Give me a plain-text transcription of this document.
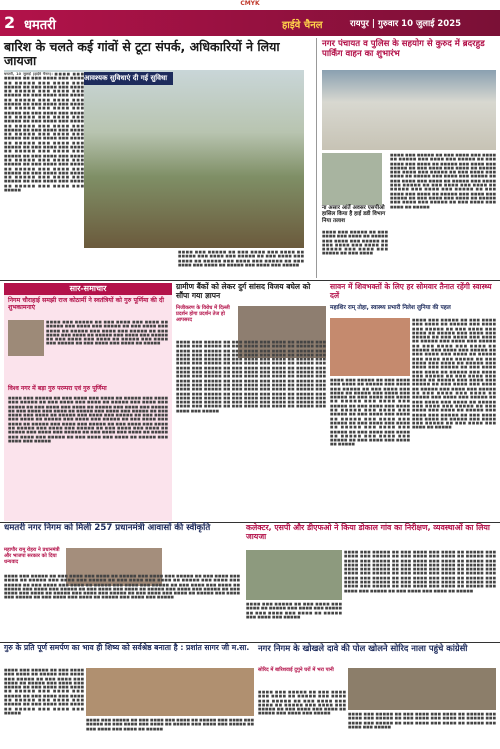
CMYK
2 धमतरी	हाईवे चैनल	रायपुर | गुरुवार 10 जुलाई 2025
बारिश के चलते कई गांवों से टूटा संपर्क, अधिकारियों ने लिया जायजा
आवश्यक सुविधाएं दी गई सुविधा
धमतरी, 10 जुलाई (हाईवे चैनल)। ■■■■ ■■■ ■■■■■ ■■ ■■■ ■■■■ ■■■ ■■■■ ■■ ■■■■■ ■■■ ■■■■ ■■■ ■■■■■ ■■ ■■■ ■■■■ ■■■ ■■■■ ■■ ■■■■■ ■■■ ■■■■ ■■■ ■■■■■ ■■ ■■■ ■■■■ ■■■ ■■■■ ■■ ■■■■■ ■■■ ■■■■ ■■■ ■■■■■ ■■ ■■■ ■■■■ ■■■ ■■■■ ■■ ■■■■■ ■■■ ■■■■ ■■■ ■■■■■ ■■ ■■■ ■■■■ ■■■ ■■■■ ■■ ■■■■■ ■■■ ■■■■ ■■■ ■■■■■ ■■ ■■■ ■■■■ ■■■ ■■■■ ■■ ■■■■■ ■■■ ■■■■ ■■■ ■■■■■ ■■ ■■■ ■■■■ ■■■ ■■■■ ■■ ■■■■■ ■■■ ■■■■ ■■■ ■■■■■ ■■ ■■■ ■■■■ ■■■ ■■■■ ■■ ■■■■■ ■■■ ■■■■ ■■■ ■■■■■ ■■ ■■■ ■■■■ ■■■ ■■■■ ■■ ■■■■■ ■■■ ■■■■ ■■■ ■■■■■ ■■ ■■■ ■■■■ ■■■ ■■■■ ■■ ■■■■■ ■■■ ■■■■ ■■■ ■■■■■ ■■ ■■■ ■■■■ ■■■ ■■■■ ■■ ■■■■■ ■■■ ■■■■ ■■■ ■■■■■ ■■ ■■■ ■■■■ ■■■ ■■■■ ■■ ■■■■■ ■■■ ■■■■ ■■■ ■■■■■ ■■ ■■■ ■■■■ ■■■ ■■■■ ■■ ■■■■■ ■■■ ■■■■ ■■■ ■■■■■
■■■■ ■■■ ■■■■■ ■■ ■■■ ■■■■ ■■■ ■■■■ ■■ ■■■■■ ■■■ ■■■■ ■■■ ■■■■■ ■■ ■■■ ■■■■ ■■■ ■■■■ ■■ ■■■■■ ■■■ ■■■■ ■■■ ■■■■■ ■■ ■■■ ■■■■ ■■■ ■■■■ ■■ ■■■■■ ■■■ ■■■■ ■■■ ■■■■■
नगर पंचायत व पुलिस के सहयोग से कुरुद में ब्रदरहुड पार्किंग वाहन का शुभारंभ
ना असार आंतें अवसर एसपीओ हासिल किया है हाई डडी विभाग निया तलाश
■■■■ ■■■ ■■■■■ ■■ ■■■ ■■■■ ■■■ ■■■■ ■■ ■■■■■ ■■■ ■■■■ ■■■ ■■■■■ ■■ ■■■ ■■■■ ■■■ ■■■■ ■■ ■■■■■ ■■■ ■■■■ ■■■ ■■■■■ ■■ ■■■ ■■■■ ■■■ ■■■■ ■■ ■■■■■ ■■■ ■■■■ ■■■ ■■■■■ ■■ ■■■ ■■■■ ■■■ ■■■■ ■■ ■■■■■ ■■■ ■■■■ ■■■ ■■■■■ ■■ ■■■ ■■■■ ■■■ ■■■■ ■■ ■■■■■ ■■■ ■■■■ ■■■ ■■■■■ ■■ ■■■ ■■■■ ■■■ ■■■■ ■■ ■■■■■ ■■■ ■■■■ ■■■ ■■■■■ ■■ ■■■ ■■■■ ■■■ ■■■■ ■■ ■■■■■ ■■■ ■■■■ ■■■ ■■■■■ ■■ ■■■ ■■■■ ■■■ ■■■■ ■■ ■■■■■ ■■■ ■■■■ ■■■ ■■■■■ ■■ ■■■ ■■■■ ■■■ ■■■■ ■■ ■■■■■
■■■■ ■■■ ■■■■■ ■■ ■■■ ■■■■ ■■■ ■■■■ ■■ ■■■■■ ■■■ ■■■■ ■■■ ■■■■■ ■■ ■■■ ■■■■ ■■■ ■■■■ ■■ ■■■■■ ■■■ ■■■■ ■■■ ■■■■■ ■■ ■■■ ■■■■
सार-समाचार
निगम चौराहाई समझी राज कोठार्मी ने स्वतंत्रियों को गुरु पूर्णिमा की दी शुभकामनाएं
■■■■ ■■■ ■■■■■ ■■ ■■■ ■■■■ ■■■ ■■■■ ■■ ■■■■■ ■■■ ■■■■ ■■■ ■■■■■ ■■ ■■■ ■■■■ ■■■ ■■■■ ■■ ■■■■■ ■■■ ■■■■ ■■■ ■■■■■ ■■ ■■■ ■■■■ ■■■ ■■■■ ■■ ■■■■■ ■■■ ■■■■ ■■■ ■■■■■ ■■ ■■■ ■■■■ ■■■ ■■■■ ■■ ■■■■■ ■■■ ■■■■ ■■■ ■■■■■ ■■ ■■■ ■■■■ ■■■ ■■■■ ■■ ■■■■■
विश्व नगर में बड़ा गुरु परम्परा एवं गुरु पूर्णिमा
■■■■ ■■■ ■■■■■ ■■ ■■■ ■■■■ ■■■ ■■■■ ■■ ■■■■■ ■■■ ■■■■ ■■■ ■■■■■ ■■ ■■■ ■■■■ ■■■ ■■■■ ■■ ■■■■■ ■■■ ■■■■ ■■■ ■■■■■ ■■ ■■■ ■■■■ ■■■ ■■■■ ■■ ■■■■■ ■■■ ■■■■ ■■■ ■■■■■ ■■ ■■■ ■■■■ ■■■ ■■■■ ■■ ■■■■■ ■■■ ■■■■ ■■■ ■■■■■ ■■ ■■■ ■■■■ ■■■ ■■■■ ■■ ■■■■■ ■■■ ■■■■ ■■■ ■■■■■ ■■ ■■■ ■■■■ ■■■ ■■■■ ■■ ■■■■■ ■■■ ■■■■ ■■■ ■■■■■ ■■ ■■■ ■■■■ ■■■ ■■■■ ■■ ■■■■■ ■■■ ■■■■ ■■■ ■■■■■ ■■ ■■■ ■■■■ ■■■ ■■■■ ■■ ■■■■■ ■■■ ■■■■ ■■■ ■■■■■ ■■ ■■■ ■■■■ ■■■ ■■■■ ■■ ■■■■■ ■■■ ■■■■ ■■■ ■■■■■ ■■ ■■■ ■■■■ ■■■ ■■■■ ■■ ■■■■■ ■■■ ■■■■ ■■■ ■■■■■ ■■ ■■■ ■■■■ ■■■ ■■■■ ■■ ■■■■■ ■■■ ■■■■ ■■■ ■■■■■
ग्रामीण बैंकों को लेकर दुर्ग सांसद विजय बघेल को सौंपा गया ज्ञापन
निजीकरण के विरोध में दिल्ली प्रदर्शन होगा प्रदर्शन तेज हो आपसरद
■■■■ ■■■ ■■■■■ ■■ ■■■ ■■■■ ■■■ ■■■■ ■■ ■■■■■ ■■■ ■■■■ ■■■ ■■■■■ ■■ ■■■ ■■■■ ■■■ ■■■■ ■■ ■■■■■ ■■■ ■■■■ ■■■ ■■■■■ ■■ ■■■ ■■■■ ■■■ ■■■■ ■■ ■■■■■ ■■■ ■■■■ ■■■ ■■■■■ ■■ ■■■ ■■■■ ■■■ ■■■■ ■■ ■■■■■ ■■■ ■■■■ ■■■ ■■■■■ ■■ ■■■ ■■■■ ■■■ ■■■■ ■■ ■■■■■ ■■■ ■■■■ ■■■ ■■■■■ ■■ ■■■ ■■■■ ■■■ ■■■■ ■■ ■■■■■ ■■■ ■■■■ ■■■ ■■■■■ ■■ ■■■ ■■■■ ■■■ ■■■■ ■■ ■■■■■ ■■■ ■■■■ ■■■ ■■■■■ ■■ ■■■ ■■■■ ■■■ ■■■■ ■■ ■■■■■ ■■■ ■■■■ ■■■ ■■■■■ ■■ ■■■ ■■■■ ■■■ ■■■■ ■■ ■■■■■ ■■■ ■■■■ ■■■ ■■■■■ ■■ ■■■ ■■■■ ■■■ ■■■■ ■■ ■■■■■ ■■■ ■■■■ ■■■ ■■■■■ ■■ ■■■ ■■■■ ■■■ ■■■■ ■■ ■■■■■ ■■■ ■■■■ ■■■ ■■■■■ ■■ ■■■ ■■■■ ■■■ ■■■■ ■■ ■■■■■ ■■■ ■■■■ ■■■ ■■■■■ ■■ ■■■ ■■■■ ■■■ ■■■■ ■■ ■■■■■ ■■■ ■■■■ ■■■ ■■■■■ ■■ ■■■ ■■■■ ■■■ ■■■■ ■■ ■■■■■ ■■■ ■■■■ ■■■ ■■■■■ ■■ ■■■ ■■■■ ■■■ ■■■■ ■■ ■■■■■ ■■■ ■■■■ ■■■ ■■■■■ ■■ ■■■ ■■■■ ■■■ ■■■■ ■■ ■■■■■ ■■■ ■■■■ ■■■ ■■■■■
सावन में शिवभक्तों के लिए हर सोमवार तैनात रहेंगी स्वास्थ्य दलें
महाशिर राम् तोहा, स्वास्थ्य प्रभारी निलेश लुनिया की पहल
■■■■ ■■■ ■■■■■ ■■ ■■■ ■■■■ ■■■ ■■■■ ■■ ■■■■■ ■■■ ■■■■ ■■■ ■■■■■ ■■ ■■■ ■■■■ ■■■ ■■■■ ■■ ■■■■■ ■■■ ■■■■ ■■■ ■■■■■ ■■ ■■■ ■■■■ ■■■ ■■■■ ■■ ■■■■■ ■■■ ■■■■ ■■■ ■■■■■ ■■ ■■■ ■■■■ ■■■ ■■■■ ■■ ■■■■■ ■■■ ■■■■ ■■■ ■■■■■ ■■ ■■■ ■■■■ ■■■ ■■■■ ■■ ■■■■■ ■■■ ■■■■ ■■■ ■■■■■ ■■ ■■■ ■■■■ ■■■ ■■■■ ■■ ■■■■■ ■■■ ■■■■ ■■■ ■■■■■ ■■ ■■■ ■■■■ ■■■ ■■■■ ■■ ■■■■■ ■■■ ■■■■ ■■■ ■■■■■ ■■ ■■■ ■■■■ ■■■ ■■■■ ■■ ■■■■■ ■■■ ■■■■ ■■■ ■■■■■ ■■ ■■■ ■■■■ ■■■ ■■■■ ■■ ■■■■■ ■■■ ■■■■ ■■■ ■■■■■ ■■ ■■■ ■■■■ ■■■ ■■■■ ■■ ■■■■■ ■■■ ■■■■ ■■■ ■■■■■ ■■ ■■■ ■■■■ ■■■ ■■■■ ■■ ■■■■■ ■■■ ■■■■ ■■■ ■■■■■ ■■ ■■■ ■■■■ ■■■ ■■■■ ■■ ■■■■■ ■■■ ■■■■ ■■■ ■■■■■ ■■ ■■■ ■■■■ ■■■ ■■■■ ■■ ■■■■■ ■■■ ■■■■ ■■■ ■■■■■ ■■ ■■■ ■■■■ ■■■ ■■■■ ■■ ■■■■■
■■■■ ■■■ ■■■■■ ■■ ■■■ ■■■■ ■■■ ■■■■ ■■ ■■■■■ ■■■ ■■■■ ■■■ ■■■■■ ■■ ■■■ ■■■■ ■■■ ■■■■ ■■ ■■■■■ ■■■ ■■■■ ■■■ ■■■■■ ■■ ■■■ ■■■■ ■■■ ■■■■ ■■ ■■■■■ ■■■ ■■■■ ■■■ ■■■■■ ■■ ■■■ ■■■■ ■■■ ■■■■ ■■ ■■■■■ ■■■ ■■■■ ■■■ ■■■■■ ■■ ■■■ ■■■■ ■■■ ■■■■ ■■ ■■■■■ ■■■ ■■■■ ■■■ ■■■■■ ■■ ■■■ ■■■■ ■■■ ■■■■ ■■ ■■■■■ ■■■ ■■■■ ■■■ ■■■■■ ■■ ■■■ ■■■■ ■■■ ■■■■ ■■ ■■■■■ ■■■ ■■■■ ■■■ ■■■■■ ■■ ■■■ ■■■■ ■■■ ■■■■ ■■ ■■■■■
धमतरी नगर निगम को मिली 257 प्रधानमंत्री आवासों की स्वीकृति
महापौर रामू रोहरा ने प्रधानमंत्री और भाजपा सरकार को दिया धन्यवाद
■■■■ ■■■ ■■■■■ ■■ ■■■ ■■■■ ■■■ ■■■■ ■■ ■■■■■ ■■■ ■■■■ ■■■ ■■■■■ ■■ ■■■ ■■■■ ■■■ ■■■■ ■■ ■■■■■ ■■■ ■■■■ ■■■ ■■■■■ ■■ ■■■ ■■■■ ■■■ ■■■■ ■■ ■■■■■ ■■■ ■■■■ ■■■ ■■■■■ ■■ ■■■ ■■■■ ■■■ ■■■■ ■■ ■■■■■ ■■■ ■■■■ ■■■ ■■■■■ ■■ ■■■ ■■■■ ■■■ ■■■■ ■■ ■■■■■ ■■■ ■■■■ ■■■ ■■■■■ ■■ ■■■ ■■■■ ■■■ ■■■■ ■■ ■■■■■ ■■■ ■■■■ ■■■ ■■■■■ ■■ ■■■ ■■■■ ■■■ ■■■■ ■■ ■■■■■ ■■■ ■■■■ ■■■ ■■■■■ ■■ ■■■ ■■■■ ■■■ ■■■■ ■■ ■■■■■ ■■■ ■■■■ ■■■ ■■■■■ ■■ ■■■ ■■■■ ■■■ ■■■■ ■■ ■■■■■ ■■■ ■■■■ ■■■ ■■■■■
कलेक्टर, एसपी और डीएफओ ने किया डोकाल गांव का निरीक्षण, व्यवस्थाओं का लिया जायजा
■■■■ ■■■ ■■■■■ ■■ ■■■ ■■■■ ■■■ ■■■■ ■■ ■■■■■ ■■■ ■■■■ ■■■ ■■■■■ ■■ ■■■ ■■■■ ■■■ ■■■■ ■■ ■■■■■ ■■■ ■■■■ ■■■ ■■■■■ ■■ ■■■ ■■■■ ■■■ ■■■■ ■■ ■■■■■ ■■■ ■■■■ ■■■ ■■■■■ ■■ ■■■ ■■■■ ■■■ ■■■■ ■■ ■■■■■ ■■■ ■■■■ ■■■ ■■■■■ ■■ ■■■ ■■■■ ■■■ ■■■■ ■■ ■■■■■ ■■■ ■■■■ ■■■ ■■■■■ ■■ ■■■ ■■■■ ■■■ ■■■■ ■■ ■■■■■ ■■■ ■■■■ ■■■ ■■■■■ ■■ ■■■ ■■■■ ■■■ ■■■■ ■■ ■■■■■ ■■■ ■■■■ ■■■ ■■■■■ ■■ ■■■ ■■■■ ■■■ ■■■■ ■■ ■■■■■ ■■■ ■■■■ ■■■ ■■■■■ ■■ ■■■ ■■■■ ■■■ ■■■■ ■■ ■■■■■ ■■■ ■■■■ ■■■ ■■■■■ ■■ ■■■ ■■■■ ■■■ ■■■■ ■■ ■■■■■
■■■■ ■■■ ■■■■■ ■■ ■■■ ■■■■ ■■■ ■■■■ ■■ ■■■■■ ■■■ ■■■■ ■■■ ■■■■■ ■■ ■■■ ■■■■ ■■■ ■■■■ ■■ ■■■■■ ■■■ ■■■■ ■■■ ■■■■■
गुरु के प्रति पूर्ण समर्पण का भाव ही शिष्य को सर्वश्रेष्ठ बनाता है : प्रशांत सागर जी म.सा.
■■■■ ■■■ ■■■■■ ■■ ■■■ ■■■■ ■■■ ■■■■ ■■ ■■■■■ ■■■ ■■■■ ■■■ ■■■■■ ■■ ■■■ ■■■■ ■■■ ■■■■ ■■ ■■■■■ ■■■ ■■■■ ■■■ ■■■■■ ■■ ■■■ ■■■■ ■■■ ■■■■ ■■ ■■■■■ ■■■ ■■■■ ■■■ ■■■■■ ■■ ■■■ ■■■■ ■■■ ■■■■ ■■ ■■■■■ ■■■ ■■■■ ■■■ ■■■■■ ■■ ■■■ ■■■■ ■■■ ■■■■ ■■ ■■■■■ ■■■ ■■■■ ■■■ ■■■■■
■■■■ ■■■ ■■■■■ ■■ ■■■ ■■■■ ■■■ ■■■■ ■■ ■■■■■ ■■■ ■■■■ ■■■ ■■■■■ ■■ ■■■ ■■■■ ■■■ ■■■■ ■■ ■■■■■ ■■■ ■■■■ ■■■ ■■■■■ ■■ ■■■ ■■■■ ■■■ ■■■■ ■■ ■■■■■
नगर निगम के खोखले दावे की पोल खोलने सोरिद नाला पहुंचे कांग्रेसी
सोरिद में बारिशवाई दुगुने घरों में भरा पानी
■■■■ ■■■ ■■■■■ ■■ ■■■ ■■■■ ■■■ ■■■■ ■■ ■■■■■ ■■■ ■■■■ ■■■ ■■■■■ ■■ ■■■ ■■■■ ■■■ ■■■■ ■■ ■■■■■ ■■■ ■■■■ ■■■ ■■■■■ ■■ ■■■ ■■■■ ■■■ ■■■■ ■■ ■■■■■ ■■■ ■■■■ ■■■ ■■■■■	■■■■ ■■■ ■■■■■ ■■ ■■■ ■■■■ ■■■ ■■■■ ■■ ■■■■■ ■■■ ■■■■ ■■■ ■■■■■ ■■ ■■■ ■■■■ ■■■ ■■■■ ■■ ■■■■■ ■■■ ■■■■ ■■■ ■■■■■ ■■ ■■■ ■■■■ ■■■ ■■■■ ■■ ■■■■■ ■■■ ■■■■ ■■■ ■■■■■
